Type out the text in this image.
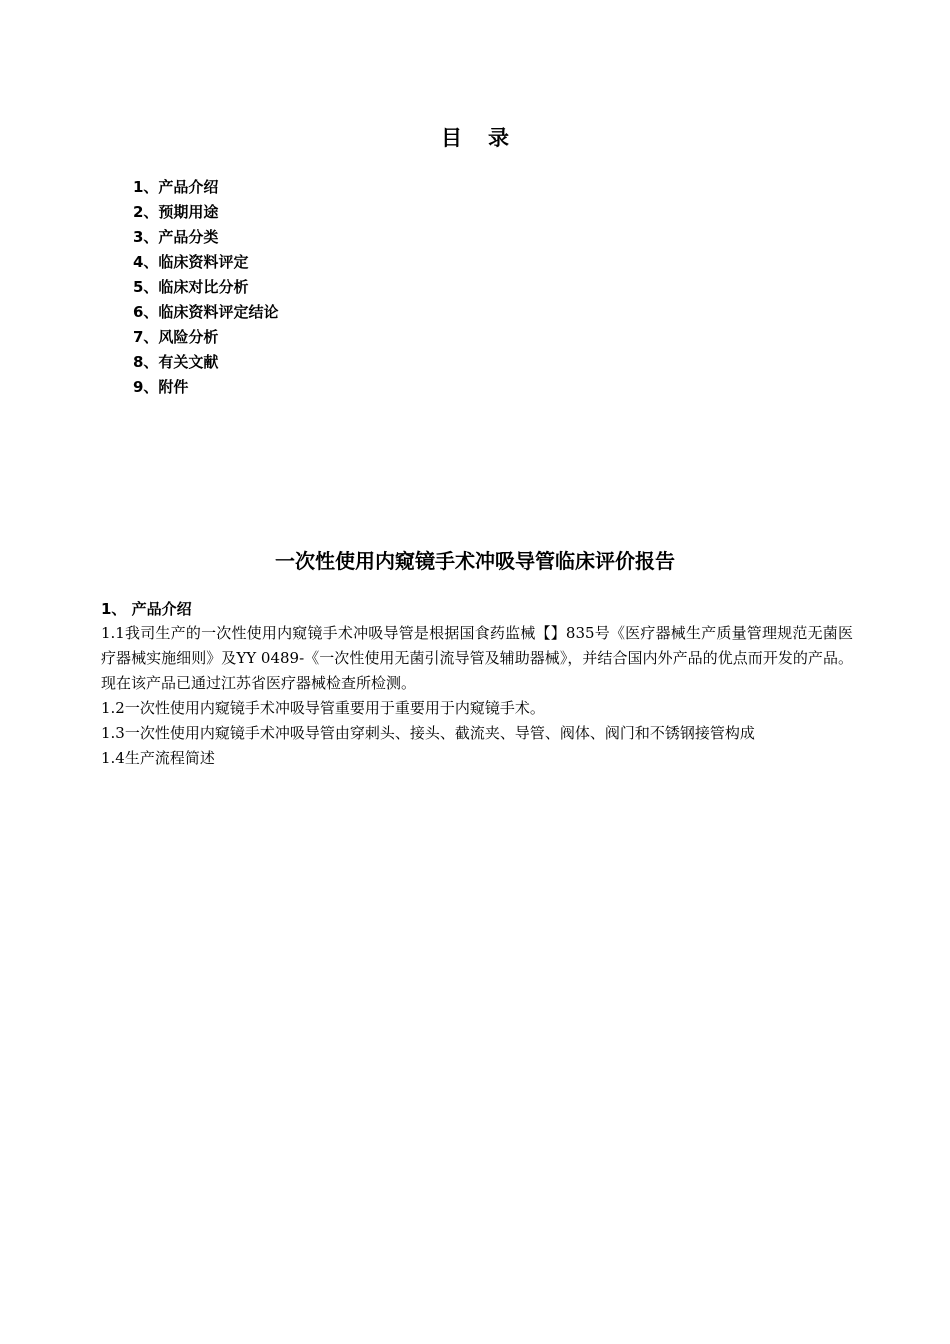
目 录
1、产品介绍
2、预期用途
3、产品分类
4、临床资料评定
5、临床对比分析
6、临床资料评定结论
7、风险分析
8、有关文献
9、附件
一次性使用内窥镜手术冲吸导管临床评价报告
1、 产品介绍

1.1我司生产的一次性使用内窥镜手术冲吸导管是根据国食药监械【】835号《医疗器械生产质量管理规范无菌医疗器械实施细则》及YY 0489-《一次性使用无菌引流导管及辅助器械》，并结合国内外产品的优点而开发的产品。现在该产品已通过江苏省医疗器械检查所检测。

1.2一次性使用内窥镜手术冲吸导管重要用于重要用于内窥镜手术。

1.3一次性使用内窥镜手术冲吸导管由穿刺头、接头、截流夹、导管、阀体、阀门和不锈钢接管构成

1.4生产流程简述
